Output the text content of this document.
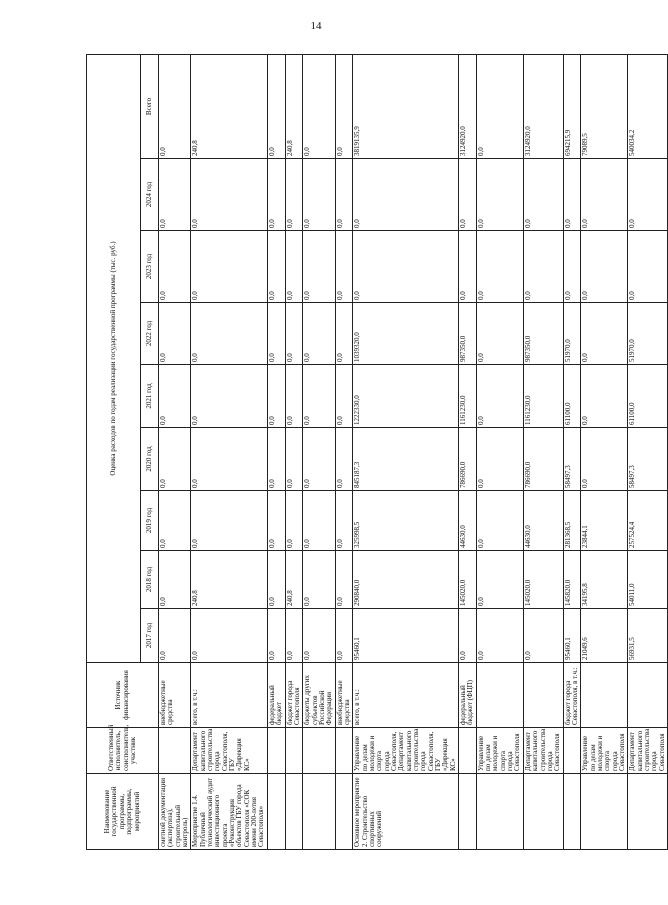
14
Наименование государственной программы, подпрограммы, мероприятий	Ответственный исполнитель, соисполнитель, участник	Источник финансирования	Оценка расходов по годам реализации государственной программы (тыс. руб.)								
			2017 год	2018 год	2019 год	2020 год	2021 год	2022 год	2023 год	2024 год	Всего
сметной документации (экспертиза), строительный контроль)		внебюджетные средства	0,0	0,0	0,0	0,0	0,0	0,0	0,0	0,0	0,0
Мероприятие 1.4. Публичный технологический аудит инвестиционного проекта «Реконструкция объектов ГБУ города Севастополя «СОК имени 200-летия Севастополя»	Департамент капитального строительства города Севастополя, ГБУ «Дирекция КС»	всего, в т.ч.:	0,0	240,8	0,0	0,0	0,0	0,0	0,0	0,0	240,8
		федеральный бюджет	0,0	0,0	0,0	0,0	0,0	0,0	0,0	0,0	0,0
		бюджет города Севастополя	0,0	240,8	0,0	0,0	0,0	0,0	0,0	0,0	240,8
		бюджеты других субъектов Российской Федерации	0,0	0,0	0,0	0,0	0,0	0,0	0,0	0,0	0,0
		внебюджетные средства	0,0	0,0	0,0	0,0	0,0	0,0	0,0	0,0	0,0
Основное мероприятие 2. Строительство спортивных сооружений	Управление по делам молодежи и спорта города Севастополя, Департамент капитального строительства города Севастополя, ГБУ «Дирекция КС»	всего, в т.ч.:	95460,1	290840,0	325998,5	845187,3	1222330,0	1039320,0	0,0	0,0	3819135,9
		федеральный бюджет (ФЦП)	0,0	145020,0	44630,0	786690,0	1161230,0	987350,0	0,0	0,0	3124920,0
	Управление по делам молодежи и спорта города Севастополя		0,0	0,0	0,0	0,0	0,0	0,0	0,0	0,0	0,0
	Департамент капитального строительства города Севастополя		0,0	145020,0	44630,0	786690,0	1161230,0	987350,0	0,0	0,0	3124920,0
		бюджет города Севастополя, в т.ч.:	95460,1	145820,0	281368,5	58497,3	61100,0	51970,0	0,0	0,0	694215,9
	Управление по делам молодежи и спорта города Севастополя		21049,6	34195,8	23844,1	0,0	0,0	0,0	0,0	0,0	79089,5
	Департамент капитального строительства города Севастополя		56931,5	54011,0	257524,4	58497,3	61100,0	51970,0	0,0	0,0	540034,2
